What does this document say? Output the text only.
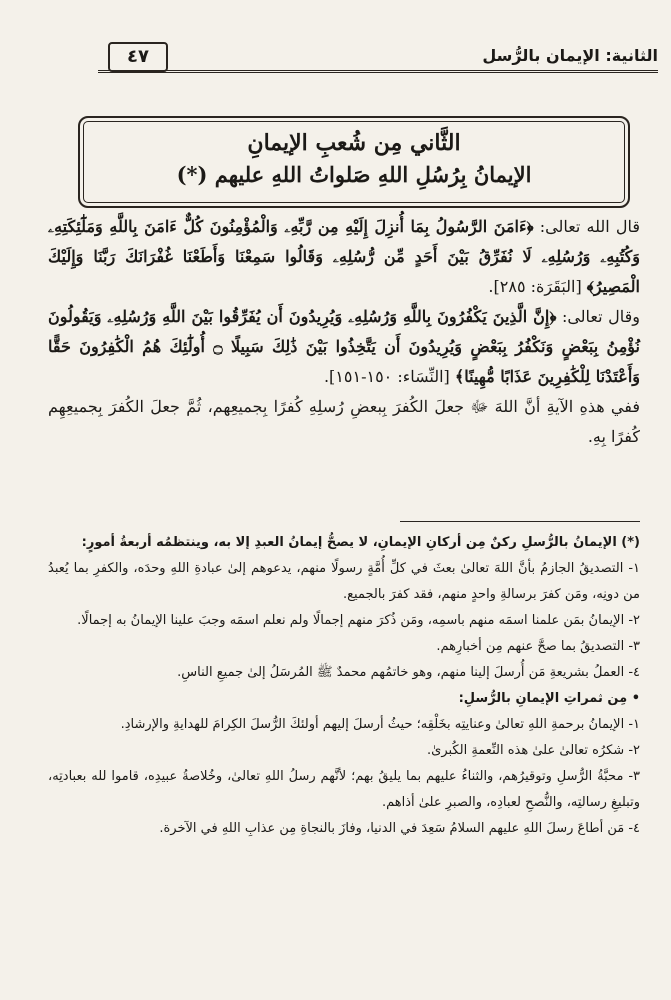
الثانية: الإيمان بالرُّسل
٤٧
الثَّاني مِن شُعبِ الإيمانِ
الإيمانُ بِرُسُلِ اللهِ صَلواتُ اللهِ عليهم (*)

قال الله تعالى: ﴿ءَامَنَ الرَّسُولُ بِمَا أُنزِلَ إِلَيْهِ مِن رَّبِّهِۦ وَالْمُؤْمِنُونَ كُلٌّ ءَامَنَ بِاللَّهِ وَمَلَٰٓئِكَتِهِۦ وَكُتُبِهِۦ وَرُسُلِهِۦ لَا نُفَرِّقُ بَيْنَ أَحَدٍ مِّن رُّسُلِهِۦ وَقَالُوا سَمِعْنَا وَأَطَعْنَا غُفْرَانَكَ رَبَّنَا وَإِلَيْكَ الْمَصِيرُ﴾ [البَقَرَة: ٢٨٥].

وقال تعالى: ﴿إِنَّ الَّذِينَ يَكْفُرُونَ بِاللَّهِ وَرُسُلِهِۦ وَيُرِيدُونَ أَن يُفَرِّقُوا بَيْنَ اللَّهِ وَرُسُلِهِۦ وَيَقُولُونَ نُؤْمِنُ بِبَعْضٍ وَنَكْفُرُ بِبَعْضٍ وَيُرِيدُونَ أَن يَتَّخِذُوا بَيْنَ ذَٰلِكَ سَبِيلًا ۝ أُولَٰٓئِكَ هُمُ الْكَٰفِرُونَ حَقًّا وَأَعْتَدْنَا لِلْكَٰفِرِينَ عَذَابًا مُّهِينًا﴾ [النِّسَاء: ١٥٠-١٥١].

ففي هذهِ الآيةِ أنَّ اللهَ ﷻ جعلَ الكُفرَ بِبعضِ رُسلِهِ كُفرًا بِجميعِهم، ثُمَّ جعلَ الكُفرَ بِجميعِهِم كُفرًا بِهِ.

(*) الإيمانُ بالرُّسلِ ركنٌ مِن أركانِ الإيمانِ، لا يصحُّ إيمانُ العبدِ إلا به، وينتظمُه أربعةُ أمورٍ:

١- التصديقُ الجازمُ بأنَّ اللهَ تعالىٰ بعثَ في كلِّ أُمَّةٍ رسولًا منهم، يدعوهم إلىٰ عبادةِ اللهِ وحدَه، والكفرِ بما يُعبدُ من دونِه، ومَن كفرَ برسالةِ واحدٍ منهم، فقد كفرَ بالجميع.

٢- الإيمانُ بمَن علمنا اسمَه منهم باسمِه، ومَن ذُكرَ منهم إجمالًا ولم نعلم اسمَه وجبَ علينا الإيمانُ به إجمالًا.

٣- التصديقُ بما صحَّ عنهم مِن أخبارِهم.

٤- العملُ بشريعةِ مَن أُرسلَ إلينا منهم، وهو خاتمُهم محمدٌ ﷺ المُرسَلُ إلىٰ جميعِ الناسِ.

• مِن ثمراتِ الإيمانِ بالرُّسلِ:

١- الإيمانُ برحمةِ اللهِ تعالىٰ وعنايتِه بخَلْقِه؛ حيثُ أرسلَ إليهم أولئكَ الرُّسلَ الكِرامَ للهدايةِ والإرشادِ.

٢- شكرُه تعالىٰ علىٰ هذه النِّعمةِ الكُبرىٰ.

٣- محبَّةُ الرُّسلِ وتوقيرُهم، والثناءُ عليهم بما يليقُ بهم؛ لأنَّهم رسلُ اللهِ تعالىٰ، وخُلاصةُ عبيدِه، قاموا لله بعبادتِه، وتبليغِ رسالتِه، والنُّصحِ لعبادِه، والصبرِ علىٰ أذاهم.

٤- مَن أطاعَ رسلَ اللهِ عليهم السلامُ سَعِدَ في الدنيا، وفازَ بالنجاةِ مِن عذابِ اللهِ في الآخرة.
